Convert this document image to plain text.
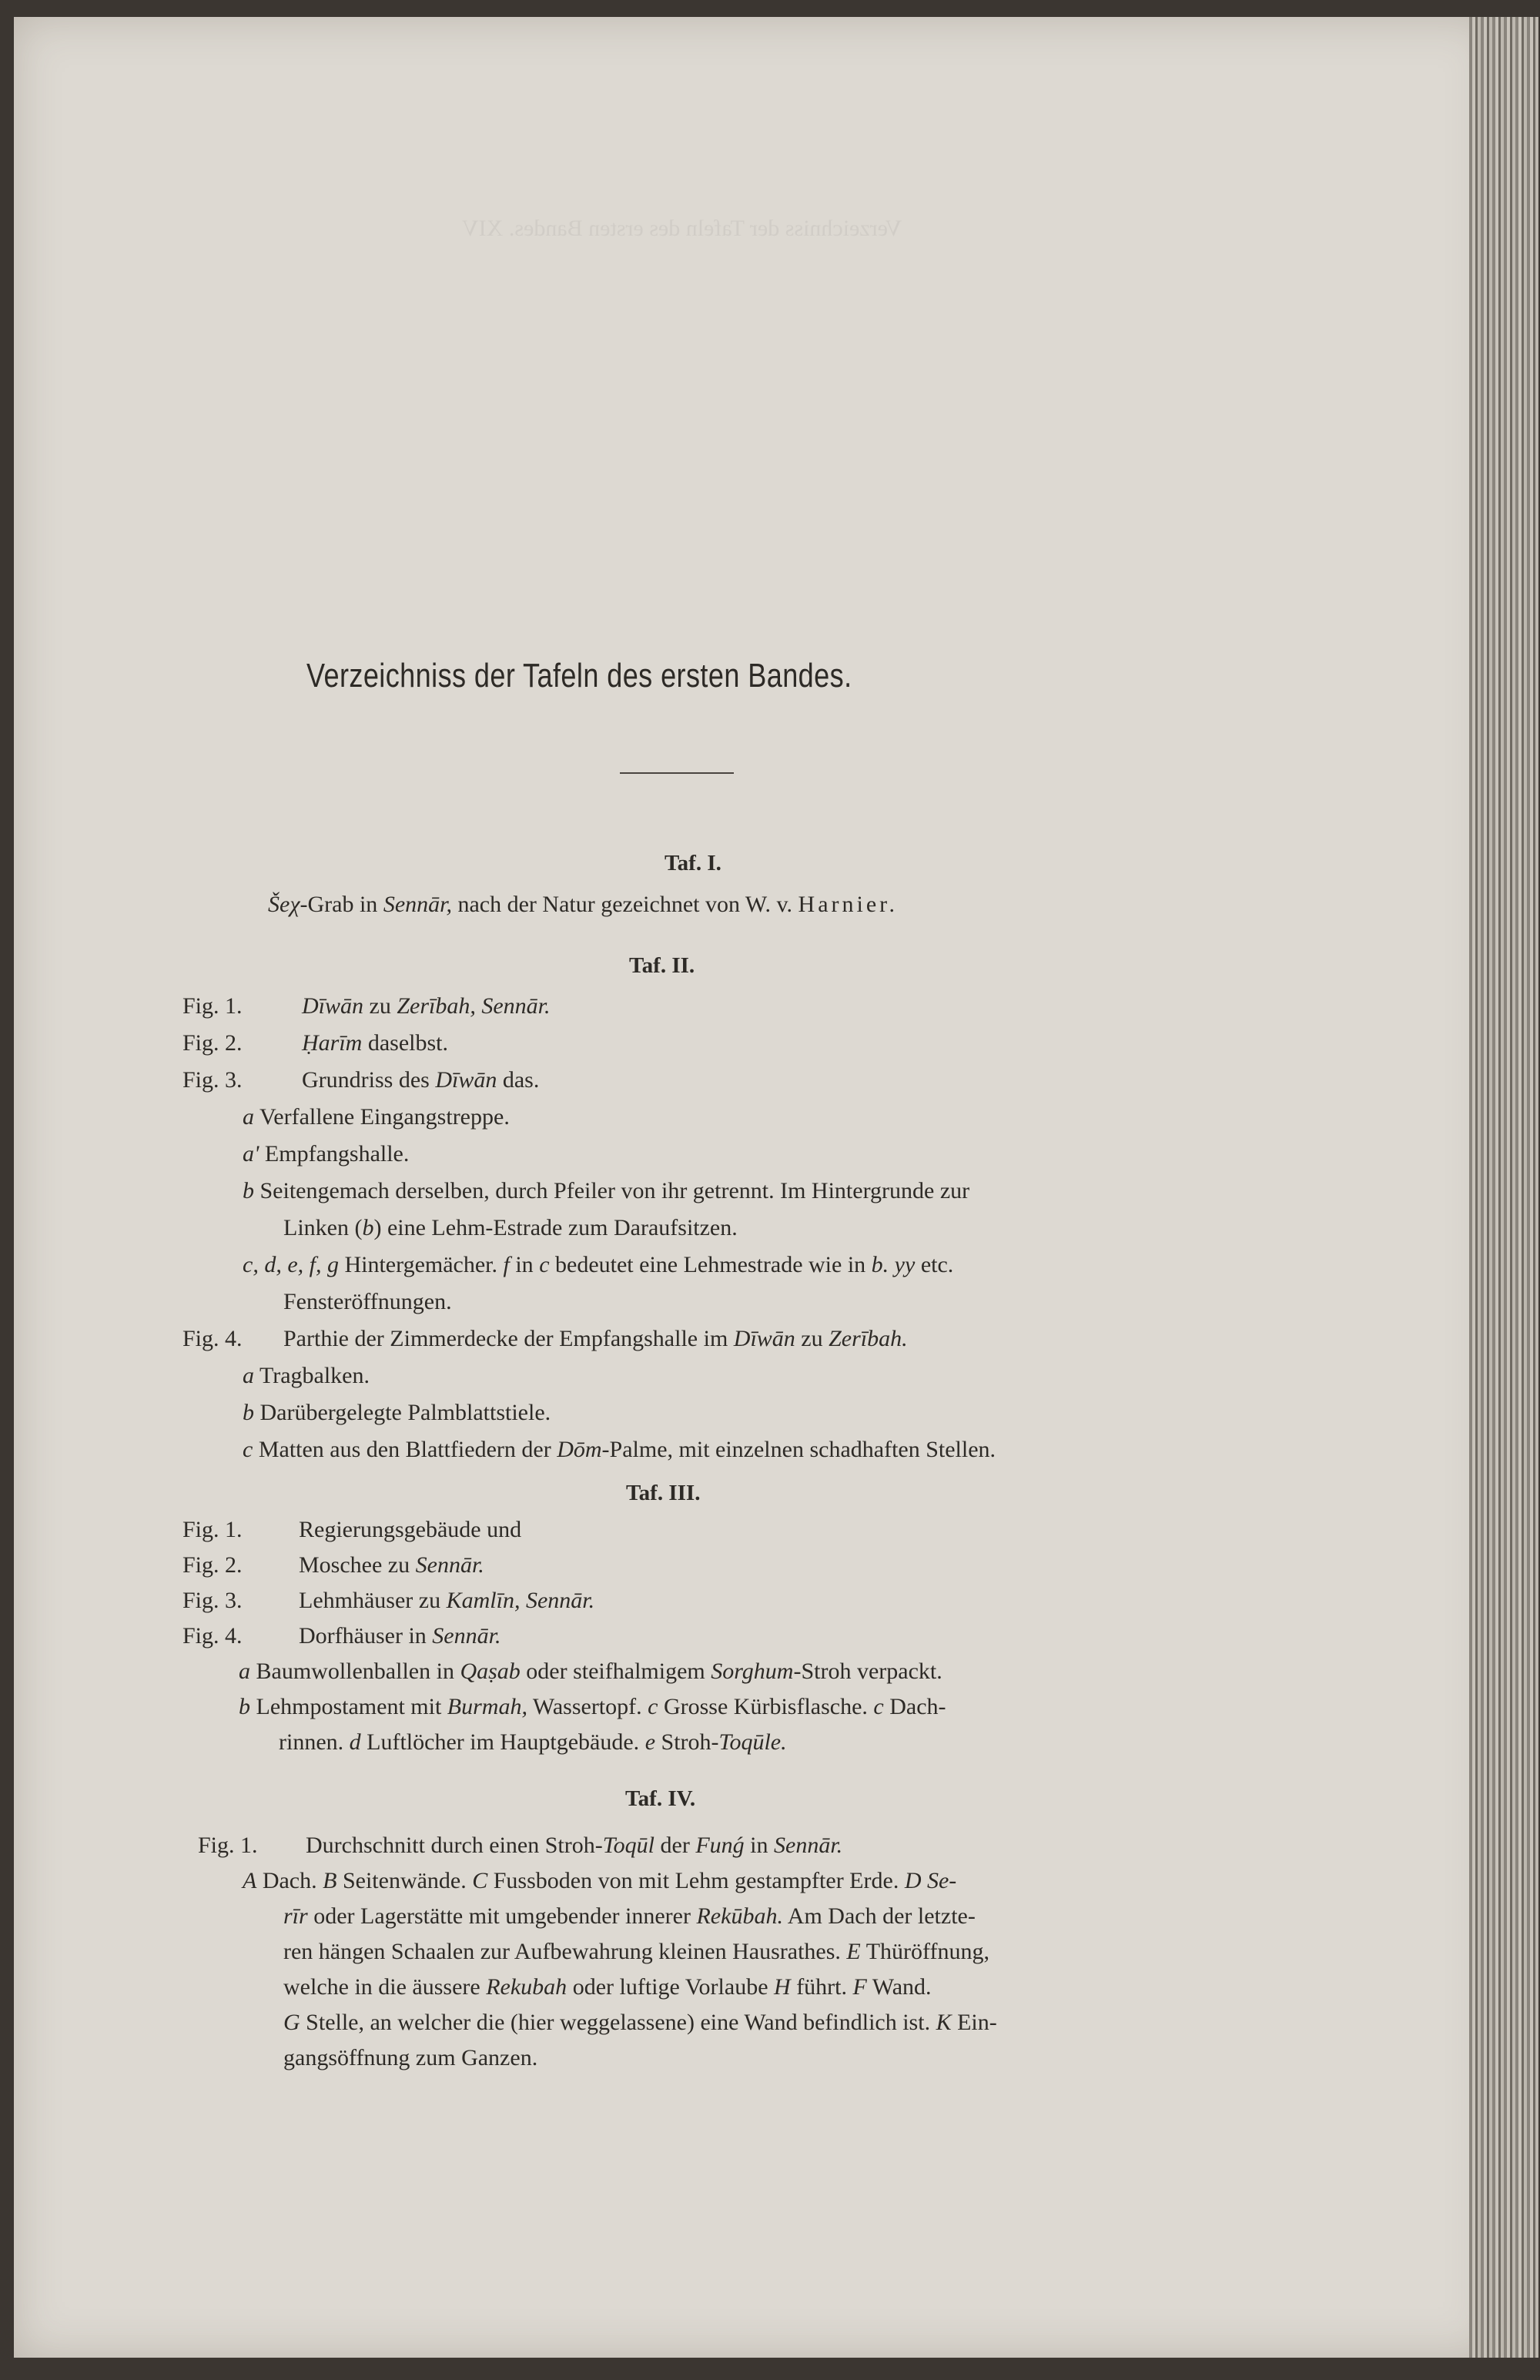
Verzeichniss der Tafeln des ersten Bandes. XIV
Verzeichniss der Tafeln des ersten Bandes.
Taf. I.
Šeχ-Grab in Sennār, nach der Natur gezeichnet von W. v. Harnier.
Taf. II.
Fig. 1.	Dīwān zu Zerībah, Sennār.
Fig. 2.	Ḥarīm daselbst.
Fig. 3.	Grundriss des Dīwān das.
a Verfallene Eingangstreppe.
a' Empfangshalle.
b Seitengemach derselben, durch Pfeiler von ihr getrennt. Im Hintergrunde zur
Linken (b) eine Lehm-Estrade zum Daraufsitzen.
c, d, e, f, g Hintergemächer. f in c bedeutet eine Lehmestrade wie in b. yy etc.
Fensteröffnungen.
Fig. 4. Parthie der Zimmerdecke der Empfangshalle im Dīwān zu Zerībah.
a Tragbalken.
b Darübergelegte Palmblattstiele.
c Matten aus den Blattfiedern der Dōm-Palme, mit einzelnen schadhaften Stellen.
Taf. III.
Fig. 1. Regierungsgebäude und
Fig. 2. Moschee zu Sennār.
Fig. 3. Lehmhäuser zu Kamlīn, Sennār.
Fig. 4. Dorfhäuser in Sennār.
a Baumwollenballen in Qaṣab oder steifhalmigem Sorghum-Stroh verpackt.
b Lehmpostament mit Burmah, Wassertopf. c Grosse Kürbisflasche. c Dach-
rinnen. d Luftlöcher im Hauptgebäude. e Stroh-Toqūle.
Taf. IV.
Fig. 1. Durchschnitt durch einen Stroh-Toqūl der Funǵ in Sennār.
A Dach. B Seitenwände. C Fussboden von mit Lehm gestampfter Erde. D Se-
rīr oder Lagerstätte mit umgebender innerer Rekūbah. Am Dach der letzte-
ren hängen Schaalen zur Aufbewahrung kleinen Hausrathes. E Thüröffnung,
welche in die äussere Rekubah oder luftige Vorlaube H führt. F Wand.
G Stelle, an welcher die (hier weggelassene) eine Wand befindlich ist. K Ein-
gangsöffnung zum Ganzen.
